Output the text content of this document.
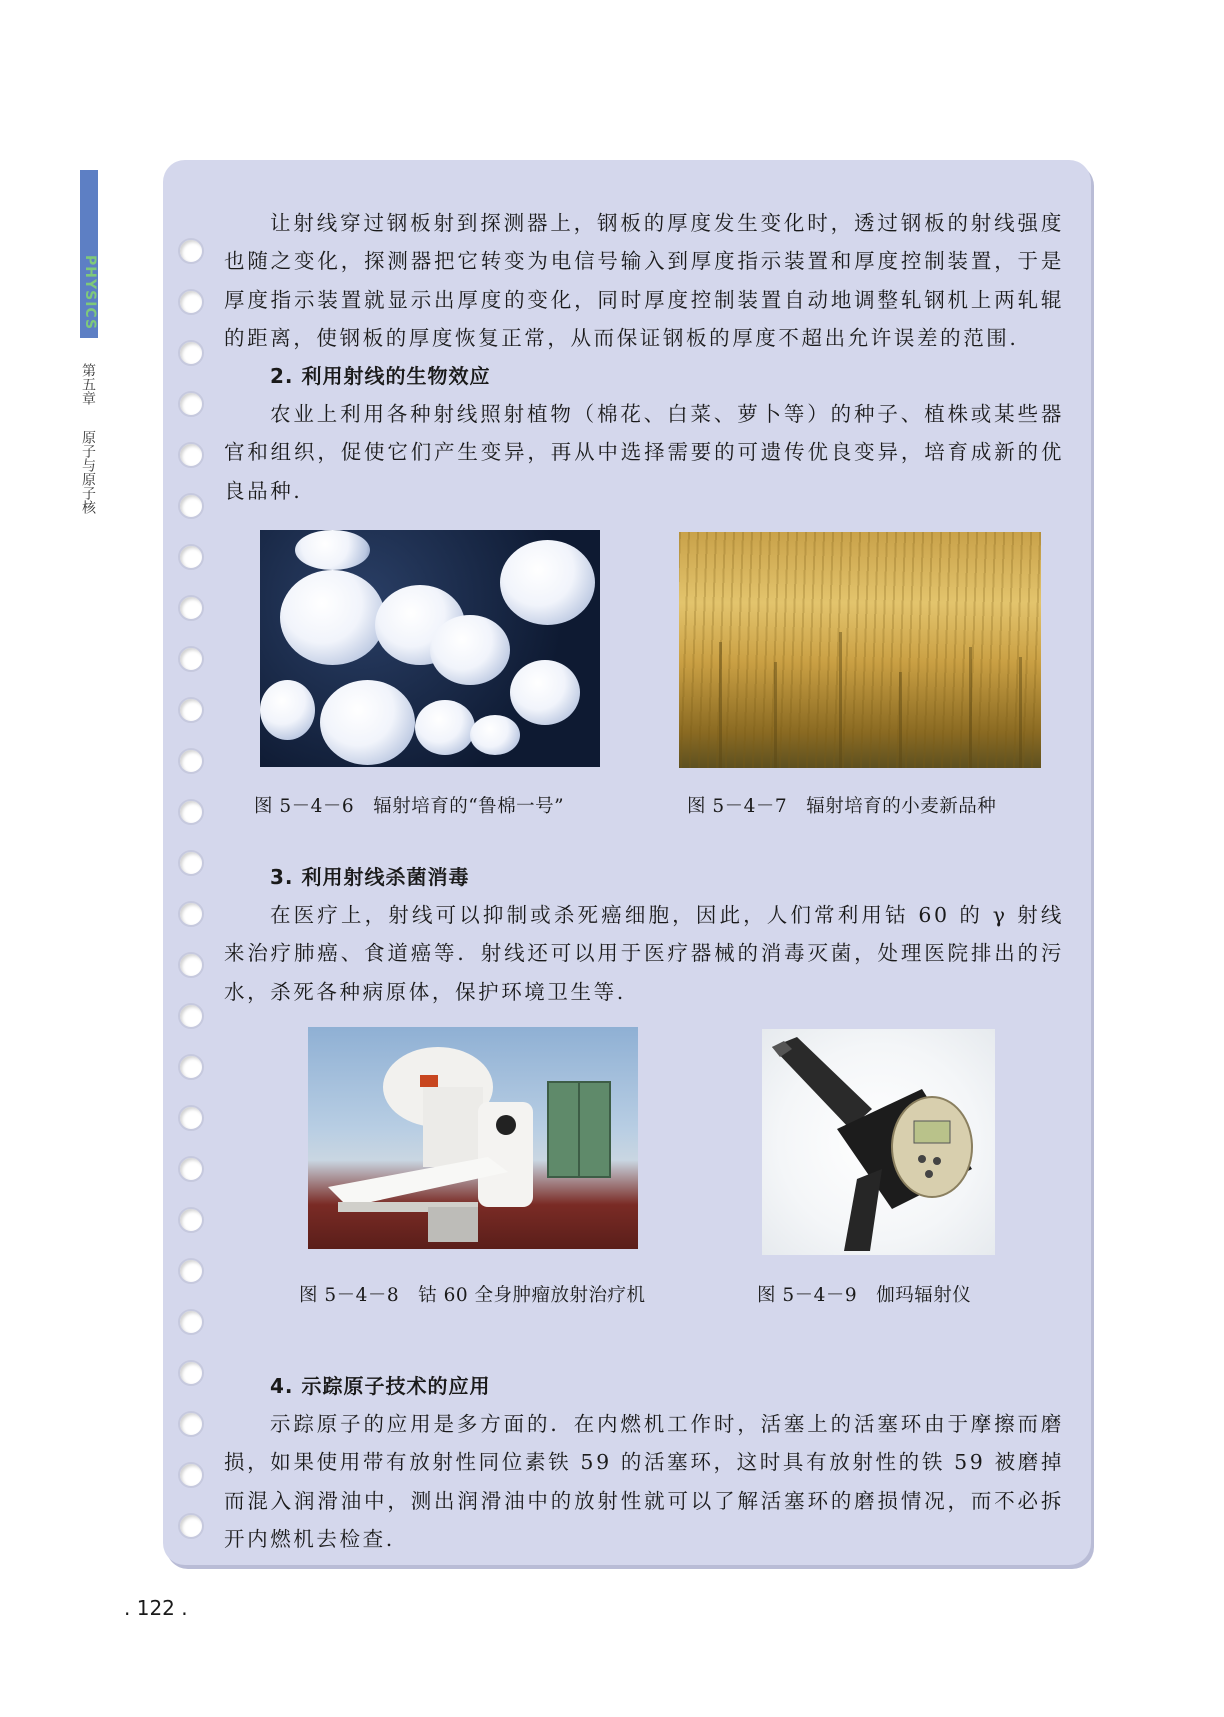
PHYSICS
第五章
原子与原子核

让射线穿过钢板射到探测器上，钢板的厚度发生变化时，透过钢板的射线强度也随之变化，探测器把它转变为电信号输入到厚度指示装置和厚度控制装置，于是厚度指示装置就显示出厚度的变化，同时厚度控制装置自动地调整轧钢机上两轧辊的距离，使钢板的厚度恢复正常，从而保证钢板的厚度不超出允许误差的范围.

2. 利用射线的生物效应

农业上利用各种射线照射植物（棉花、白菜、萝卜等）的种子、植株或某些器官和组织，促使它们产生变异，再从中选择需要的可遗传优良变异，培育成新的优良品种.

图 5－4－6　辐射培育的“鲁棉一号”	图 5－4－7　辐射培育的小麦新品种
3. 利用射线杀菌消毒

在医疗上，射线可以抑制或杀死癌细胞，因此，人们常利用钴 60 的 γ 射线来治疗肺癌、食道癌等．射线还可以用于医疗器械的消毒灭菌，处理医院排出的污水，杀死各种病原体，保护环境卫生等.

图 5－4－8　钴 60 全身肿瘤放射治疗机	图 5－4－9　伽玛辐射仪
4. 示踪原子技术的应用

示踪原子的应用是多方面的．在内燃机工作时，活塞上的活塞环由于摩擦而磨损，如果使用带有放射性同位素铁 59 的活塞环，这时具有放射性的铁 59 被磨掉而混入润滑油中，测出润滑油中的放射性就可以了解活塞环的磨损情况，而不必拆开内燃机去检查.

. 122 .
